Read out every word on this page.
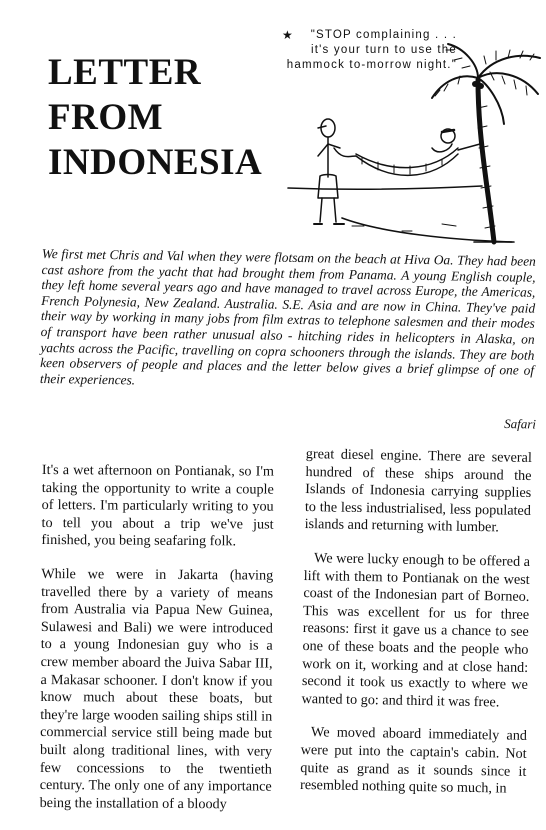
LETTER
FROM
INDONESIA

★ "STOP complaining . . . it's your turn to use the hammock to-morrow night."

We first met Chris and Val when they were flotsam on the beach at Hiva Oa. They had been cast ashore from the yacht that had brought them from Panama. A young English couple, they left home several years ago and have managed to travel across Europe, the Americas, French Polynesia, New Zealand. Australia. S.E. Asia and are now in China. They've paid their way by working in many jobs from film extras to telephone salesmen and their modes of transport have been rather unusual also - hitching rides in helicopters in Alaska, on yachts across the Pacific, travelling on copra schooners through the islands. They are both keen observers of people and places and the letter below gives a brief glimpse of one of their experiences.

Safari

It's a wet afternoon on Pontianak, so I'm taking the opportunity to write a couple of letters. I'm particularly writing to you to tell you about a trip we've just finished, you being seafaring folk.

While we were in Jakarta (having travelled there by a variety of means from Australia via Papua New Guinea, Sulawesi and Bali) we were introduced to a young Indonesian guy who is a crew member aboard the Juiva Sabar III, a Makasar schooner. I don't know if you know much about these boats, but they're large wooden sailing ships still in commercial service still being made but built along traditional lines, with very few concessions to the twentieth century. The only one of any importance being the installation of a bloody

great diesel engine. There are several hundred of these ships around the Islands of Indonesia carrying supplies to the less industrialised, less populated islands and returning with lumber.

We were lucky enough to be offered a lift with them to Pontianak on the west coast of the Indonesian part of Borneo. This was excellent for us for three reasons: first it gave us a chance to see one of these boats and the people who work on it, working and at close hand: second it took us exactly to where we wanted to go: and third it was free.

We moved aboard immediately and were put into the captain's cabin. Not quite as grand as it sounds since it resembled nothing quite so much, in
